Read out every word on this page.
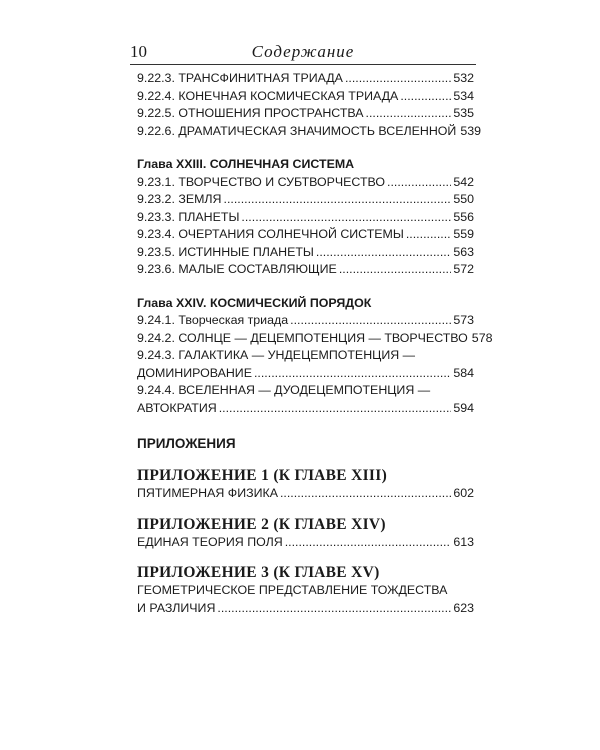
10	Содержание
9.22.3. ТРАНСФИНИТНАЯ ТРИАДА .....	532
9.22.4. КОНЕЧНАЯ КОСМИЧЕСКАЯ ТРИАДА .....	534
9.22.5. ОТНОШЕНИЯ ПРОСТРАНСТВА .....	535
9.22.6. ДРАМАТИЧЕСКАЯ ЗНАЧИМОСТЬ ВСЕЛЕННОЙ 539
Глава XXIII. СОЛНЕЧНАЯ СИСТЕМА
9.23.1. ТВОРЧЕСТВО И СУБТВОРЧЕСТВО .....	542
9.23.2. ЗЕМЛЯ .....	550
9.23.3. ПЛАНЕТЫ .....	556
9.23.4. ОЧЕРТАНИЯ СОЛНЕЧНОЙ СИСТЕМЫ .....	559
9.23.5. ИСТИННЫЕ ПЛАНЕТЫ .....	563
9.23.6. МАЛЫЕ СОСТАВЛЯЮЩИЕ .....	572
Глава XXIV. КОСМИЧЕСКИЙ ПОРЯДОК
9.24.1. Творческая триада .....	573
9.24.2. СОЛНЦЕ — ДЕЦЕМПОТЕНЦИЯ — ТВОРЧЕСТВО 578
9.24.3. ГАЛАКТИКА — УНДЕЦЕМПОТЕНЦИЯ —
ДОМИНИРОВАНИЕ .....	584
9.24.4. ВСЕЛЕННАЯ — ДУОДЕЦЕМПОТЕНЦИЯ —
АВТОКРАТИЯ .....	594
ПРИЛОЖЕНИЯ
ПРИЛОЖЕНИЕ 1 (К ГЛАВЕ XIII)
ПЯТИМЕРНАЯ ФИЗИКА .....	602
ПРИЛОЖЕНИЕ 2 (К ГЛАВЕ XIV)
ЕДИНАЯ ТЕОРИЯ ПОЛЯ .....	613
ПРИЛОЖЕНИЕ 3 (К ГЛАВЕ XV)
ГЕОМЕТРИЧЕСКОЕ ПРЕДСТАВЛЕНИЕ ТОЖДЕСТВА
И РАЗЛИЧИЯ .....	623
